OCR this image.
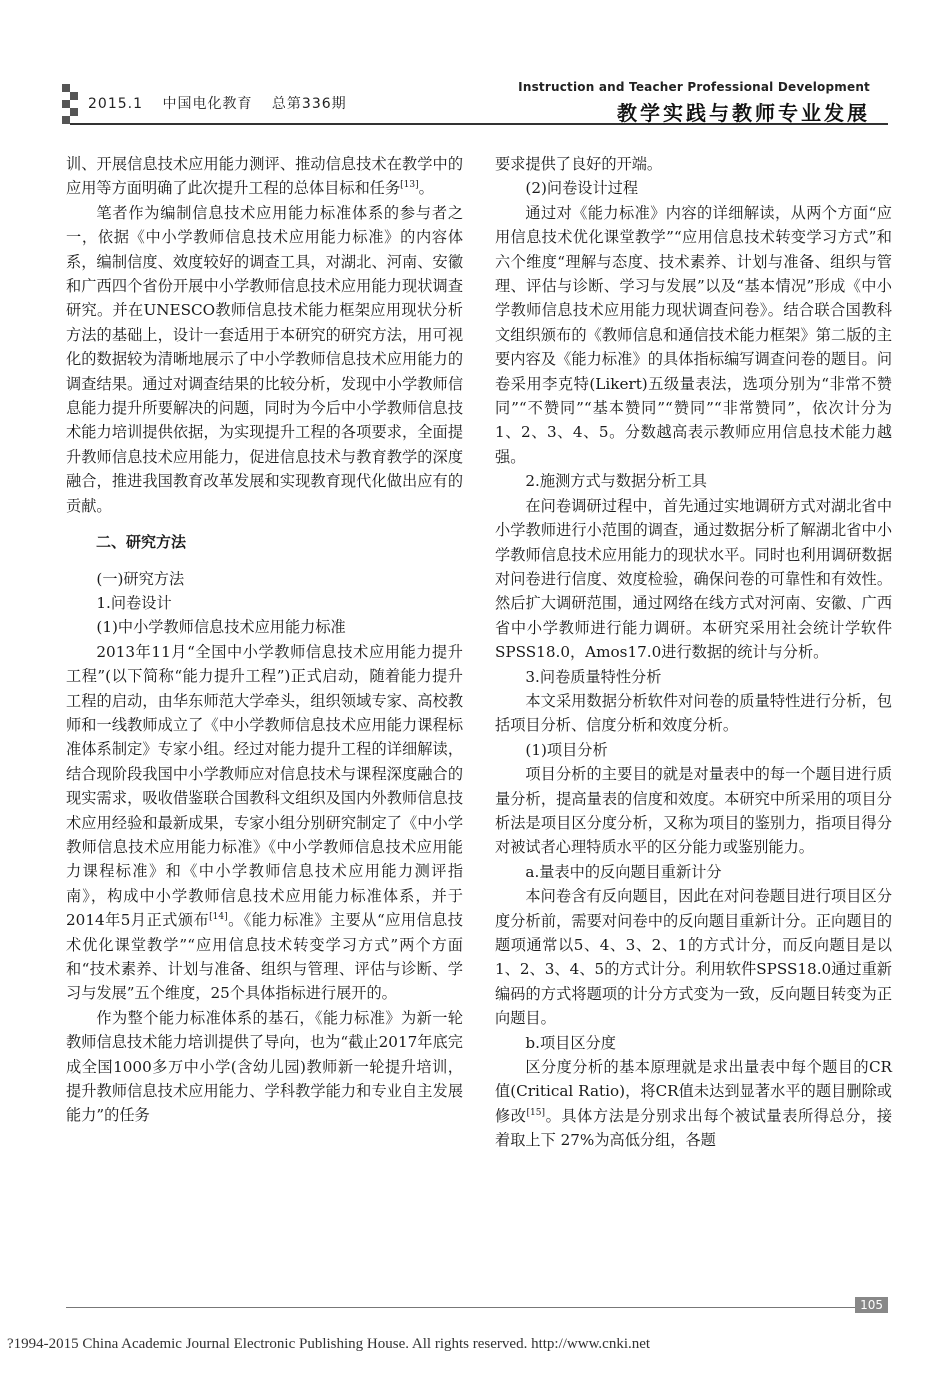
2015.1 中国电化教育 总第336期
Instruction and Teacher Professional Development
教学实践与教师专业发展

训、开展信息技术应用能力测评、推动信息技术在教学中的应用等方面明确了此次提升工程的总体目标和任务[13]。

笔者作为编制信息技术应用能力标准体系的参与者之一，依据《中小学教师信息技术应用能力标准》的内容体系，编制信度、效度较好的调查工具，对湖北、河南、安徽和广西四个省份开展中小学教师信息技术应用能力现状调查研究。并在UNESCO教师信息技术能力框架应用现状分析方法的基础上，设计一套适用于本研究的研究方法，用可视化的数据较为清晰地展示了中小学教师信息技术应用能力的调查结果。通过对调查结果的比较分析，发现中小学教师信息能力提升所要解决的问题，同时为今后中小学教师信息技术能力培训提供依据，为实现提升工程的各项要求，全面提升教师信息技术应用能力，促进信息技术与教育教学的深度融合，推进我国教育改革发展和实现教育现代化做出应有的贡献。

二、研究方法

(一)研究方法

1.问卷设计

(1)中小学教师信息技术应用能力标准

2013年11月“全国中小学教师信息技术应用能力提升工程”(以下简称“能力提升工程”)正式启动，随着能力提升工程的启动，由华东师范大学牵头，组织领域专家、高校教师和一线教师成立了《中小学教师信息技术应用能力课程标准体系制定》专家小组。经过对能力提升工程的详细解读，结合现阶段我国中小学教师应对信息技术与课程深度融合的现实需求，吸收借鉴联合国教科文组织及国内外教师信息技术应用经验和最新成果，专家小组分别研究制定了《中小学教师信息技术应用能力标准》《中小学教师信息技术应用能力课程标准》和《中小学教师信息技术应用能力测评指南》，构成中小学教师信息技术应用能力标准体系，并于2014年5月正式颁布[14]。《能力标准》主要从“应用信息技术优化课堂教学”“应用信息技术转变学习方式”两个方面和“技术素养、计划与准备、组织与管理、评估与诊断、学习与发展”五个维度，25个具体指标进行展开的。

作为整个能力标准体系的基石，《能力标准》为新一轮教师信息技术能力培训提供了导向，也为“截止2017年底完成全国1000多万中小学(含幼儿园)教师新一轮提升培训，提升教师信息技术应用能力、学科教学能力和专业自主发展能力”的任务

要求提供了良好的开端。

(2)问卷设计过程

通过对《能力标准》内容的详细解读，从两个方面“应用信息技术优化课堂教学”“应用信息技术转变学习方式”和六个维度“理解与态度、技术素养、计划与准备、组织与管理、评估与诊断、学习与发展”以及“基本情况”形成《中小学教师信息技术应用能力现状调查问卷》。结合联合国教科文组织颁布的《教师信息和通信技术能力框架》第二版的主要内容及《能力标准》的具体指标编写调查问卷的题目。问卷采用李克特(Likert)五级量表法，选项分别为“非常不赞同”“不赞同”“基本赞同”“赞同”“非常赞同”，依次计分为1、2、3、4、5。分数越高表示教师应用信息技术能力越强。

2.施测方式与数据分析工具

在问卷调研过程中，首先通过实地调研方式对湖北省中小学教师进行小范围的调查，通过数据分析了解湖北省中小学教师信息技术应用能力的现状水平。同时也利用调研数据对问卷进行信度、效度检验，确保问卷的可靠性和有效性。然后扩大调研范围，通过网络在线方式对河南、安徽、广西省中小学教师进行能力调研。本研究采用社会统计学软件SPSS18.0，Amos17.0进行数据的统计与分析。

3.问卷质量特性分析

本文采用数据分析软件对问卷的质量特性进行分析，包括项目分析、信度分析和效度分析。

(1)项目分析

项目分析的主要目的就是对量表中的每一个题目进行质量分析，提高量表的信度和效度。本研究中所采用的项目分析法是项目区分度分析，又称为项目的鉴别力，指项目得分对被试者心理特质水平的区分能力或鉴别能力。

a.量表中的反向题目重新计分

本问卷含有反向题目，因此在对问卷题目进行项目区分度分析前，需要对问卷中的反向题目重新计分。正向题目的题项通常以5、4、3、2、1的方式计分，而反向题目是以1、2、3、4、5的方式计分。利用软件SPSS18.0通过重新编码的方式将题项的计分方式变为一致，反向题目转变为正向题目。

b.项目区分度

区分度分析的基本原理就是求出量表中每个题目的CR值(Critical Ratio)，将CR值未达到显著水平的题目删除或修改[15]。具体方法是分别求出每个被试量表所得总分，接着取上下 27%为高低分组，各题

105
?1994-2015 China Academic Journal Electronic Publishing House. All rights reserved. http://www.cnki.net
